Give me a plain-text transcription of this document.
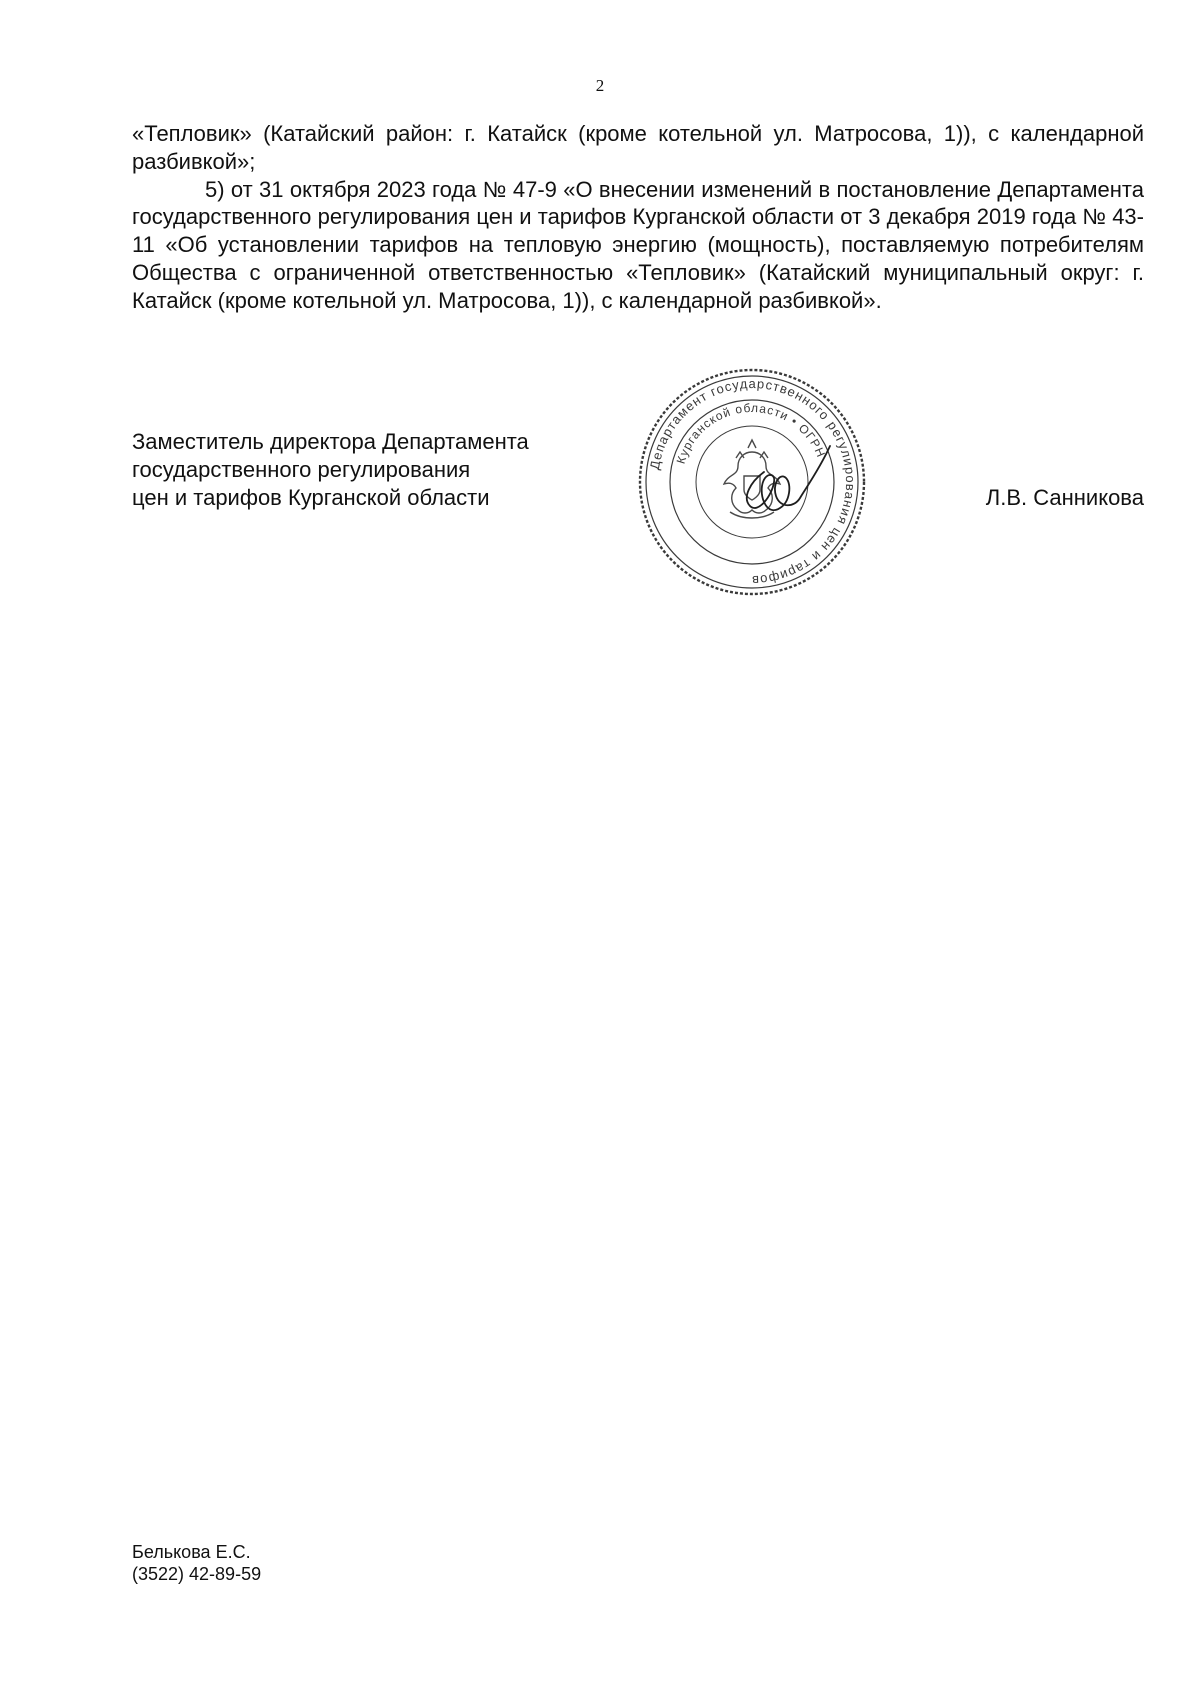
2

«Тепловик» (Катайский район: г. Катайск (кроме котельной ул. Матросова, 1)), с календарной разбивкой»;

5) от 31 октября 2023 года № 47-9 «О внесении изменений в постановление Департамента государственного регулирования цен и тарифов Курганской области от 3 декабря 2019 года № 43-11 «Об установлении тарифов на тепловую энергию (мощность), поставляемую потребителям Общества с ограниченной ответственностью «Тепловик» (Катайский муниципальный округ: г. Катайск (кроме котельной ул. Матросова, 1)), с календарной разбивкой».

Заместитель директора Департамента
государственного регулирования
цен и тарифов Курганской области
Департамент государственного регулирования цен и тарифов
Курганской области • ОГРН
Л.В. Санникова
Белькова Е.С.
(3522) 42-89-59
